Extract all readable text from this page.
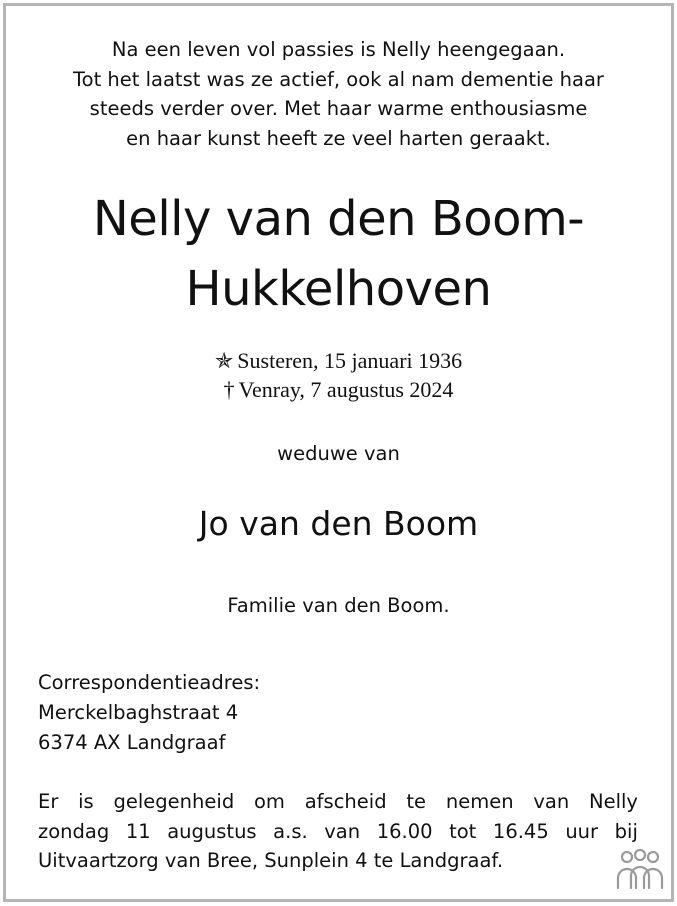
Na een leven vol passies is Nelly heengegaan.
Tot het laatst was ze actief, ook al nam dementie haar
steeds verder over. Met haar warme enthousiasme
en haar kunst heeft ze veel harten geraakt.
Nelly van den Boom-
Hukkelhoven
✯ Susteren, 15 januari 1936
† Venray, 7 augustus 2024
weduwe van
Jo van den Boom
Familie van den Boom.
Correspondentieadres:
Merckelbaghstraat 4
6374 AX Landgraaf
Er is gelegenheid om afscheid te nemen van Nelly
zondag 11 augustus a.s. van 16.00 tot 16.45 uur bij
Uitvaartzorg van Bree, Sunplein 4 te Landgraaf.
